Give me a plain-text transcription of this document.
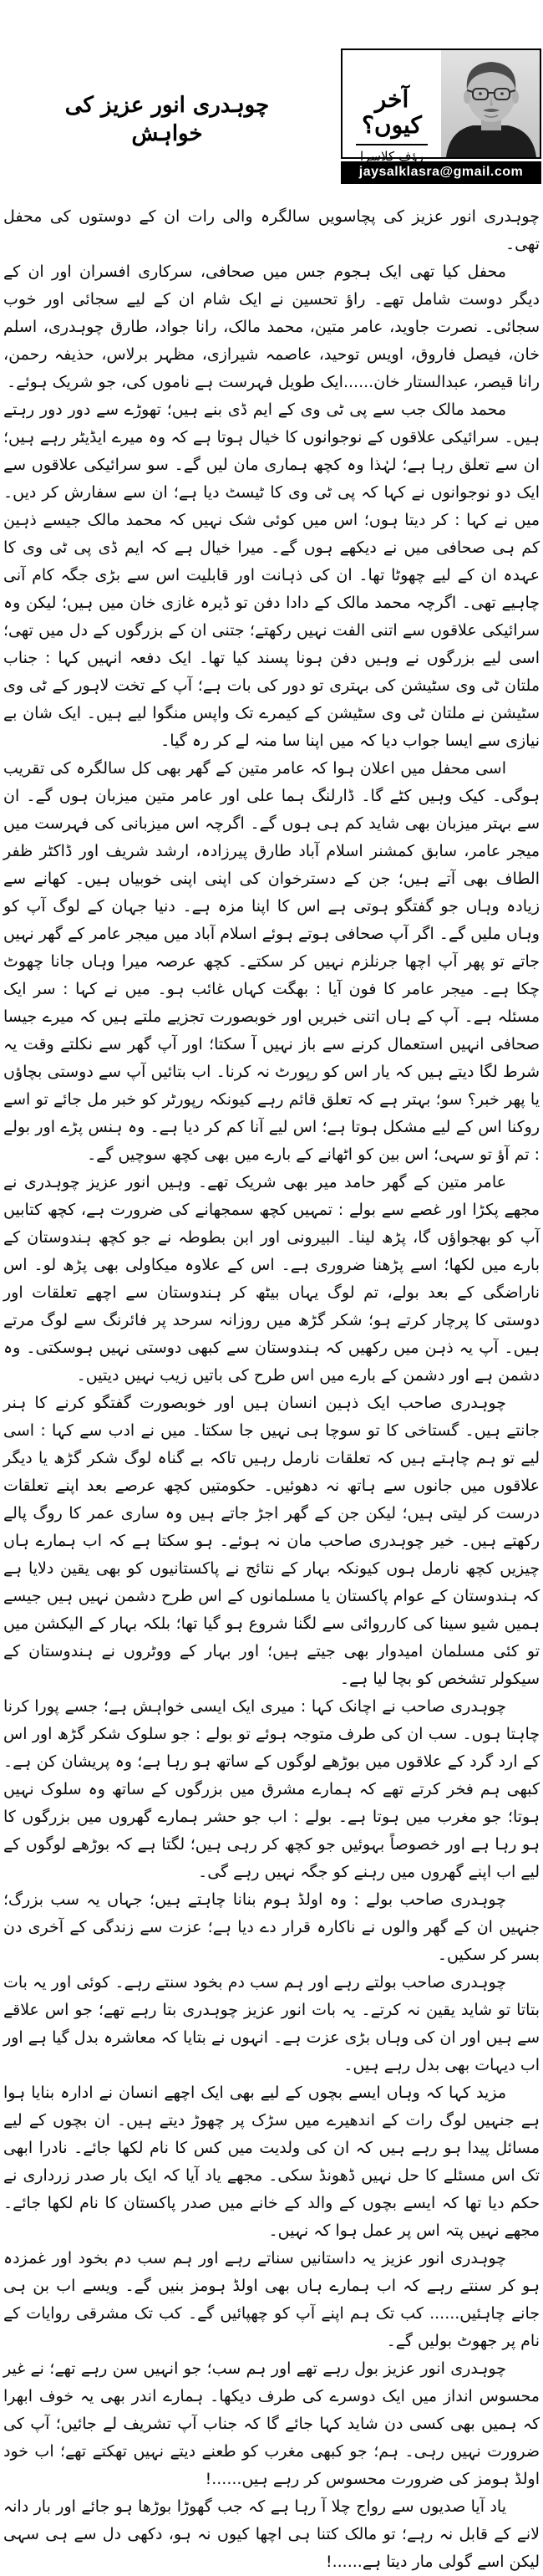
چوہدری انور عزیز کی خواہش
آخر کیوں؟
رؤف کلاسرا
jaysalklasra@gmail.com

چوہدری انور عزیز کی پچاسویں سالگرہ والی رات ان کے دوستوں کی محفل تھی۔

محفل کیا تھی ایک ہجوم جس میں صحافی، سرکاری افسران اور ان کے دیگر دوست شامل تھے۔ راؤ تحسین نے ایک شام ان کے لیے سجائی اور خوب سجائی۔ نصرت جاوید، عامر متین، محمد مالک، رانا جواد، طارق چوہدری، اسلم خان، فیصل فاروق، اویس توحید، عاصمہ شیرازی، مظہر برلاس، حذیفہ رحمن، رانا قیصر، عبدالستار خان......ایک طویل فہرست ہے ناموں کی، جو شریک ہوئے۔

محمد مالک جب سے پی ٹی وی کے ایم ڈی بنے ہیں؛ تھوڑے سے دور دور رہتے ہیں۔ سرائیکی علاقوں کے نوجوانوں کا خیال ہوتا ہے کہ وہ میرے ایڈیٹر رہے ہیں؛ ان سے تعلق رہا ہے؛ لہٰذا وہ کچھ ہماری مان لیں گے۔ سو سرائیکی علاقوں سے ایک دو نوجوانوں نے کہا کہ پی ٹی وی کا ٹیسٹ دیا ہے؛ ان سے سفارش کر دیں۔ میں نے کہا : کر دیتا ہوں؛ اس میں کوئی شک نہیں کہ محمد مالک جیسے ذہین کم ہی صحافی میں نے دیکھے ہوں گے۔ میرا خیال ہے کہ ایم ڈی پی ٹی وی کا عہدہ ان کے لیے چھوٹا تھا۔ ان کی ذہانت اور قابلیت اس سے بڑی جگہ کام آنی چاہیے تھی۔ اگرچہ محمد مالک کے دادا دفن تو ڈیرہ غازی خان میں ہیں؛ لیکن وہ سرائیکی علاقوں سے اتنی الفت نہیں رکھتے؛ جتنی ان کے بزرگوں کے دل میں تھی؛ اسی لیے بزرگوں نے وہیں دفن ہونا پسند کیا تھا۔ ایک دفعہ انہیں کہا : جناب ملتان ٹی وی سٹیشن کی بہتری تو دور کی بات ہے؛ آپ کے تخت لاہور کے ٹی وی سٹیشن نے ملتان ٹی وی سٹیشن کے کیمرے تک واپس منگوا لیے ہیں۔ ایک شان بے نیازی سے ایسا جواب دیا کہ میں اپنا سا منہ لے کر رہ گیا۔

اسی محفل میں اعلان ہوا کہ عامر متین کے گھر بھی کل سالگرہ کی تقریب ہوگی۔ کیک وہیں کٹے گا۔ ڈارلنگ ہما علی اور عامر متین میزبان ہوں گے۔ ان سے بہتر میزبان بھی شاید کم ہی ہوں گے۔ اگرچہ اس میزبانی کی فہرست میں میجر عامر، سابق کمشنر اسلام آباد طارق پیرزادہ، ارشد شریف اور ڈاکٹر ظفر الطاف بھی آتے ہیں؛ جن کے دسترخوان کی اپنی اپنی خوبیاں ہیں۔ کھانے سے زیادہ وہاں جو گفتگو ہوتی ہے اس کا اپنا مزہ ہے۔ دنیا جہان کے لوگ آپ کو وہاں ملیں گے۔ اگر آپ صحافی ہوتے ہوئے اسلام آباد میں میجر عامر کے گھر نہیں جاتے تو پھر آپ اچھا جرنلزم نہیں کر سکتے۔ کچھ عرصہ میرا وہاں جانا چھوٹ چکا ہے۔ میجر عامر کا فون آیا : بھگت کہاں غائب ہو۔ میں نے کہا : سر ایک مسئلہ ہے۔ آپ کے ہاں اتنی خبریں اور خوبصورت تجزیے ملتے ہیں کہ میرے جیسا صحافی انہیں استعمال کرنے سے باز نہیں آ سکتا؛ اور آپ گھر سے نکلتے وقت یہ شرط لگا دیتے ہیں کہ یار اس کو رپورٹ نہ کرنا۔ اب بتائیں آپ سے دوستی بچاؤں یا پھر خبر؟ سو؛ بہتر ہے کہ تعلق قائم رہے کیونکہ رپورٹر کو خبر مل جائے تو اسے روکنا اس کے لیے مشکل ہوتا ہے؛ اس لیے آنا کم کر دیا ہے۔ وہ ہنس پڑے اور بولے : تم آؤ تو سہی؛ اس بین کو اٹھانے کے بارے میں بھی کچھ سوچیں گے۔

عامر متین کے گھر حامد میر بھی شریک تھے۔ وہیں انور عزیز چوہدری نے مجھے پکڑا اور غصے سے بولے : تمہیں کچھ سمجھانے کی ضرورت ہے، کچھ کتابیں آپ کو بھجواؤں گا، پڑھ لینا۔ البیرونی اور ابن بطوطہ نے جو کچھ ہندوستان کے بارے میں لکھا؛ اسے پڑھنا ضروری ہے۔ اس کے علاوہ میکاولی بھی پڑھ لو۔ اس ناراضگی کے بعد بولے، تم لوگ یہاں بیٹھ کر ہندوستان سے اچھے تعلقات اور دوستی کا پرچار کرتے ہو؛ شکر گڑھ میں روزانہ سرحد پر فائرنگ سے لوگ مرتے ہیں۔ آپ یہ ذہن میں رکھیں کہ ہندوستان سے کبھی دوستی نہیں ہوسکتی۔ وہ دشمن ہے اور دشمن کے بارے میں اس طرح کی باتیں زیب نہیں دیتیں۔

چوہدری صاحب ایک ذہین انسان ہیں اور خوبصورت گفتگو کرنے کا ہنر جانتے ہیں۔ گستاخی کا تو سوچا ہی نہیں جا سکتا۔ میں نے ادب سے کہا : اسی لیے تو ہم چاہتے ہیں کہ تعلقات نارمل رہیں تاکہ بے گناہ لوگ شکر گڑھ یا دیگر علاقوں میں جانوں سے ہاتھ نہ دھوئیں۔ حکومتیں کچھ عرصے بعد اپنے تعلقات درست کر لیتی ہیں؛ لیکن جن کے گھر اجڑ جاتے ہیں وہ ساری عمر کا روگ پالے رکھتے ہیں۔ خیر چوہدری صاحب مان نہ ہوئے۔ ہو سکتا ہے کہ اب ہمارے ہاں چیزیں کچھ نارمل ہوں کیونکہ بہار کے نتائج نے پاکستانیوں کو بھی یقین دلایا ہے کہ ہندوستان کے عوام پاکستان یا مسلمانوں کے اس طرح دشمن نہیں ہیں جیسے ہمیں شیو سینا کی کارروائی سے لگنا شروع ہو گیا تھا؛ بلکہ بہار کے الیکشن میں تو کئی مسلمان امیدوار بھی جیتے ہیں؛ اور بہار کے ووٹروں نے ہندوستان کے سیکولر تشخص کو بچا لیا ہے۔

چوہدری صاحب نے اچانک کہا : میری ایک ایسی خواہش ہے؛ جسے پورا کرنا چاہتا ہوں۔ سب ان کی طرف متوجہ ہوئے تو بولے : جو سلوک شکر گڑھ اور اس کے ارد گرد کے علاقوں میں بوڑھے لوگوں کے ساتھ ہو رہا ہے؛ وہ پریشان کن ہے۔ کبھی ہم فخر کرتے تھے کہ ہمارے مشرق میں بزرگوں کے ساتھ وہ سلوک نہیں ہوتا؛ جو مغرب میں ہوتا ہے۔ بولے : اب جو حشر ہمارے گھروں میں بزرگوں کا ہو رہا ہے اور خصوصاً بہوئیں جو کچھ کر رہی ہیں؛ لگتا ہے کہ بوڑھے لوگوں کے لیے اب اپنے گھروں میں رہنے کو جگہ نہیں رہے گی۔

چوہدری صاحب بولے : وہ اولڈ ہوم بنانا چاہتے ہیں؛ جہاں یہ سب بزرگ؛ جنہیں ان کے گھر والوں نے ناکارہ قرار دے دیا ہے؛ عزت سے زندگی کے آخری دن بسر کر سکیں۔

چوہدری صاحب بولتے رہے اور ہم سب دم بخود سنتے رہے۔ کوئی اور یہ بات بتاتا تو شاید یقین نہ کرتے۔ یہ بات انور عزیز چوہدری بتا رہے تھے؛ جو اس علاقے سے ہیں اور ان کی وہاں بڑی عزت ہے۔ انہوں نے بتایا کہ معاشرہ بدل گیا ہے اور اب دیہات بھی بدل رہے ہیں۔

مزید کہا کہ وہاں ایسے بچوں کے لیے بھی ایک اچھے انسان نے ادارہ بنایا ہوا ہے جنہیں لوگ رات کے اندھیرے میں سڑک پر چھوڑ دیتے ہیں۔ ان بچوں کے لیے مسائل پیدا ہو رہے ہیں کہ ان کی ولدیت میں کس کا نام لکھا جائے۔ نادرا ابھی تک اس مسئلے کا حل نہیں ڈھونڈ سکی۔ مجھے یاد آیا کہ ایک بار صدر زرداری نے حکم دیا تھا کہ ایسے بچوں کے والد کے خانے میں صدر پاکستان کا نام لکھا جائے۔ مجھے نہیں پتہ اس پر عمل ہوا کہ نہیں۔

چوہدری انور عزیز یہ داستانیں سناتے رہے اور ہم سب دم بخود اور غمزدہ ہو کر سنتے رہے کہ اب ہمارے ہاں بھی اولڈ ہومز بنیں گے۔ ویسے اب بن ہی جانے چاہئیں...... کب تک ہم اپنے آپ کو چھپائیں گے۔ کب تک مشرقی روایات کے نام پر جھوٹ بولیں گے۔

چوہدری انور عزیز بول رہے تھے اور ہم سب؛ جو انہیں سن رہے تھے؛ نے غیر محسوس انداز میں ایک دوسرے کی طرف دیکھا۔ ہمارے اندر بھی یہ خوف ابھرا کہ ہمیں بھی کسی دن شاید کہا جائے گا کہ جناب آپ تشریف لے جائیں؛ آپ کی ضرورت نہیں رہی۔ ہم؛ جو کبھی مغرب کو طعنے دیتے نہیں تھکتے تھے؛ اب خود اولڈ ہومز کی ضرورت محسوس کر رہے ہیں......!

یاد آیا صدیوں سے رواج چلا آ رہا ہے کہ جب گھوڑا بوڑھا ہو جائے اور بار دانہ لانے کے قابل نہ رہے؛ تو مالک کتنا ہی اچھا کیوں نہ ہو، دکھی دل سے ہی سہی لیکن اسے گولی مار دیتا ہے......!
